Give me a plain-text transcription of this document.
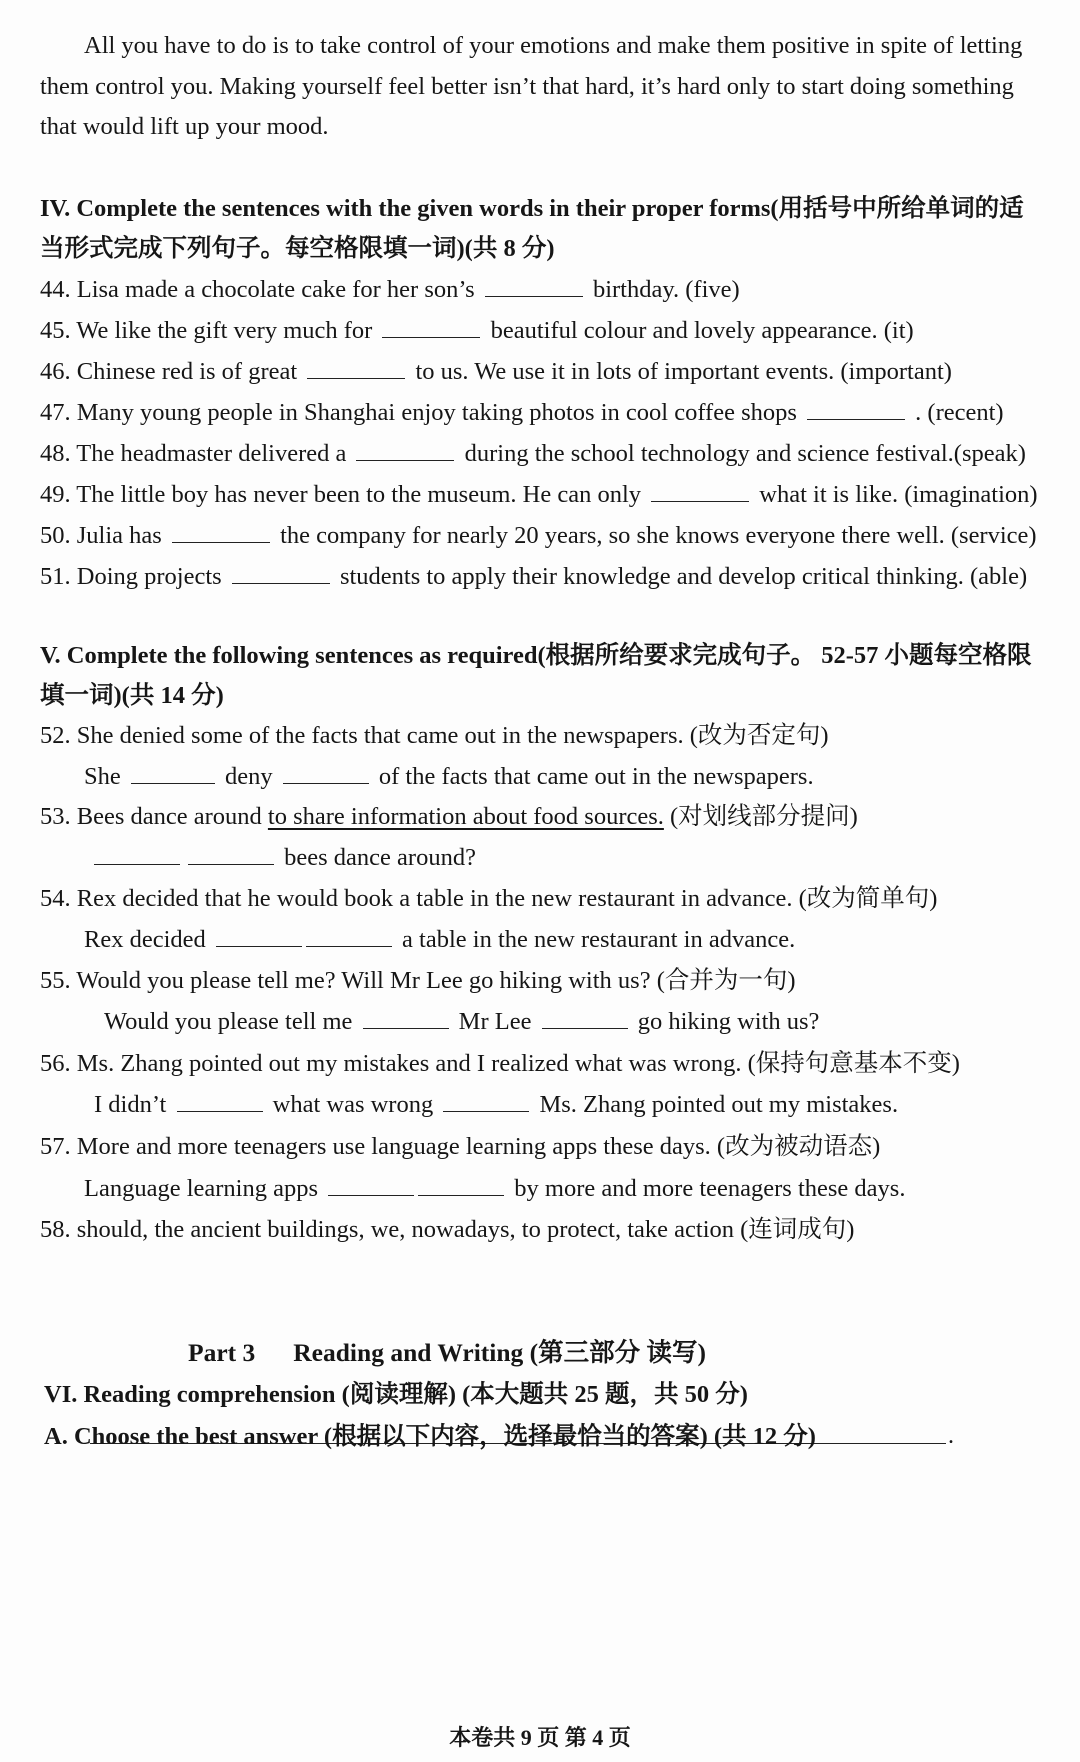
All you have to do is to take control of your emotions and make them positive in spite of letting
them control you. Making yourself feel better isn’t that hard, it’s hard only to start doing something
that would lift up your mood.
IV. Complete the sentences with the given words in their proper forms(用括号中所给单词的适
当形式完成下列句子。每空格限填一词)(共 8 分)
44. Lisa made a chocolate cake for her son’s	birthday. (five)
45. We like the gift very much for	beautiful colour and lovely appearance. (it)
46. Chinese red is of great	to us. We use it in lots of important events. (important)
47. Many young people in Shanghai enjoy taking photos in cool coffee shops	. (recent)
48. The headmaster delivered a	during the school technology and science festival.(speak)
49. The little boy has never been to the museum. He can only	what it is like. (imagination)
50. Julia has	the company for nearly 20 years, so she knows everyone there well. (service)
51. Doing projects	students to apply their knowledge and develop critical thinking. (able)
V. Complete the following sentences as required(根据所给要求完成句子。 52-57 小题每空格限
填一词)(共 14 分)
52. She denied some of the facts that came out in the newspapers. (改为否定句)
She	deny	of the facts that came out in the newspapers.
53. Bees dance around to share information about food sources. (对划线部分提问)
bees dance around?
54. Rex decided that he would book a table in the new restaurant in advance. (改为简单句)
Rex decided	a table in the new restaurant in advance.
55. Would you please tell me? Will Mr Lee go hiking with us? (合并为一句)
Would you please tell me	Mr Lee	go hiking with us?
56. Ms. Zhang pointed out my mistakes and I realized what was wrong. (保持句意基本不变)
I didn’t	what was wrong	Ms. Zhang pointed out my mistakes.
57. More and more teenagers use language learning apps these days. (改为被动语态)
Language learning apps	by more and more teenagers these days.
58. should, the ancient buildings, we, nowadays, to protect, take action (连词成句)
.
Part 3 Reading and Writing (第三部分 读写)
VI. Reading comprehension (阅读理解) (本大题共 25 题，共 50 分)
A. Choose the best answer (根据以下内容，选择最恰当的答案) (共 12 分)
本卷共 9 页 第 4 页
